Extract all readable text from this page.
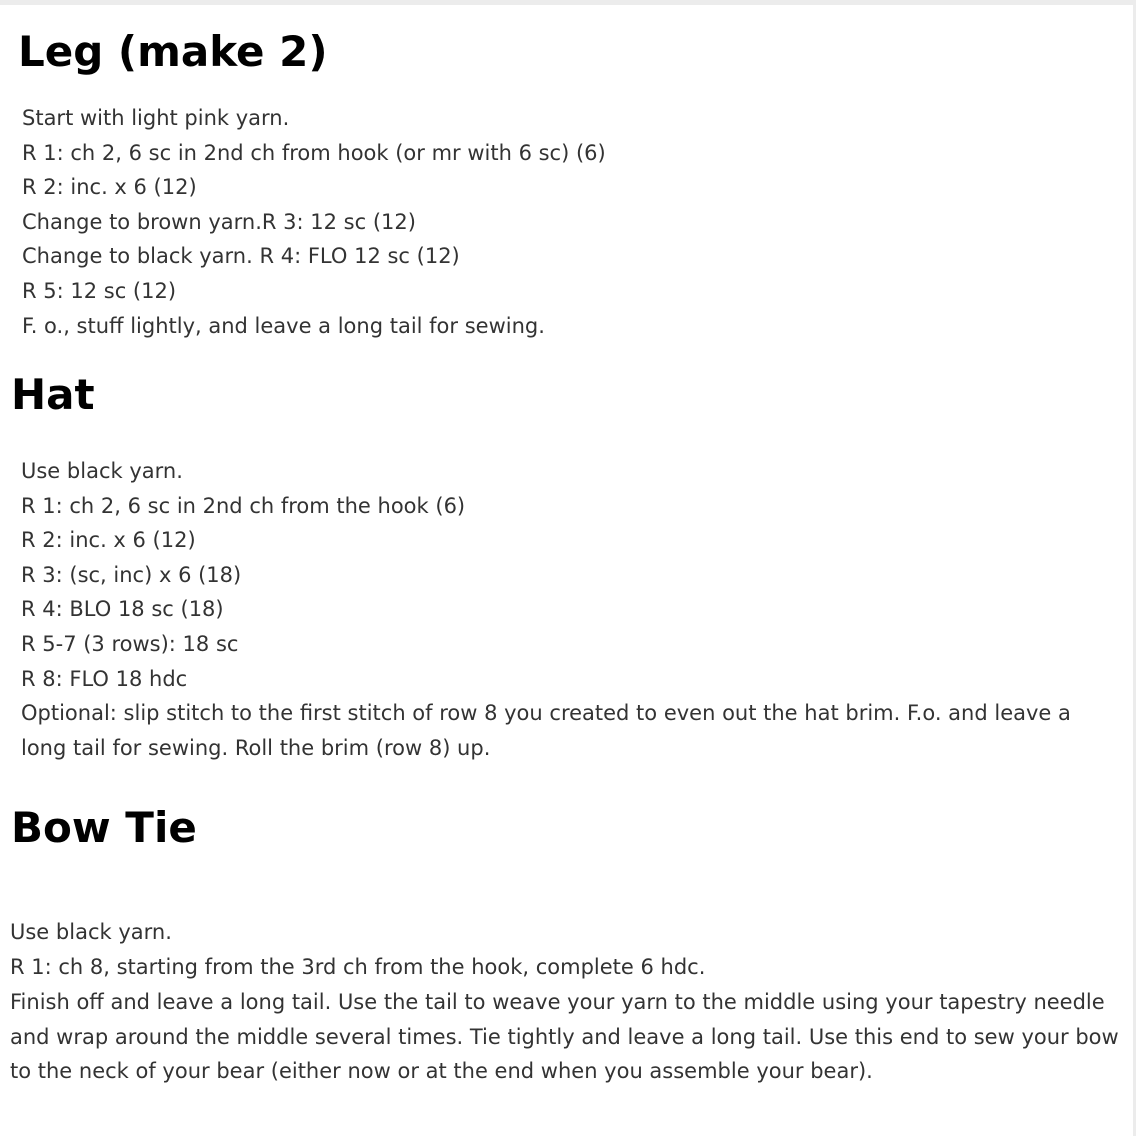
Leg (make 2)
Start with light pink yarn.
R 1: ch 2, 6 sc in 2nd ch from hook (or mr with 6 sc) (6)
R 2: inc. x 6 (12)
Change to brown yarn.R 3: 12 sc (12)
Change to black yarn. R 4: FLO 12 sc (12)
R 5: 12 sc (12)
F. o., stuff lightly, and leave a long tail for sewing.
Hat
Use black yarn.
R 1: ch 2, 6 sc in 2nd ch from the hook (6)
R 2: inc. x 6 (12)
R 3: (sc, inc) x 6 (18)
R 4: BLO 18 sc (18)
R 5-7 (3 rows): 18 sc
R 8: FLO 18 hdc

Optional: slip stitch to the first stitch of row 8 you created to even out the hat brim. F.o. and leave a long tail for sewing. Roll the brim (row 8) up.

Bow Tie
Use black yarn.
R 1: ch 8, starting from the 3rd ch from the hook, complete 6 hdc.

Finish off and leave a long tail. Use the tail to weave your yarn to the middle using your tapestry needle and wrap around the middle several times. Tie tightly and leave a long tail. Use this end to sew your bow to the neck of your bear (either now or at the end when you assemble your bear).
